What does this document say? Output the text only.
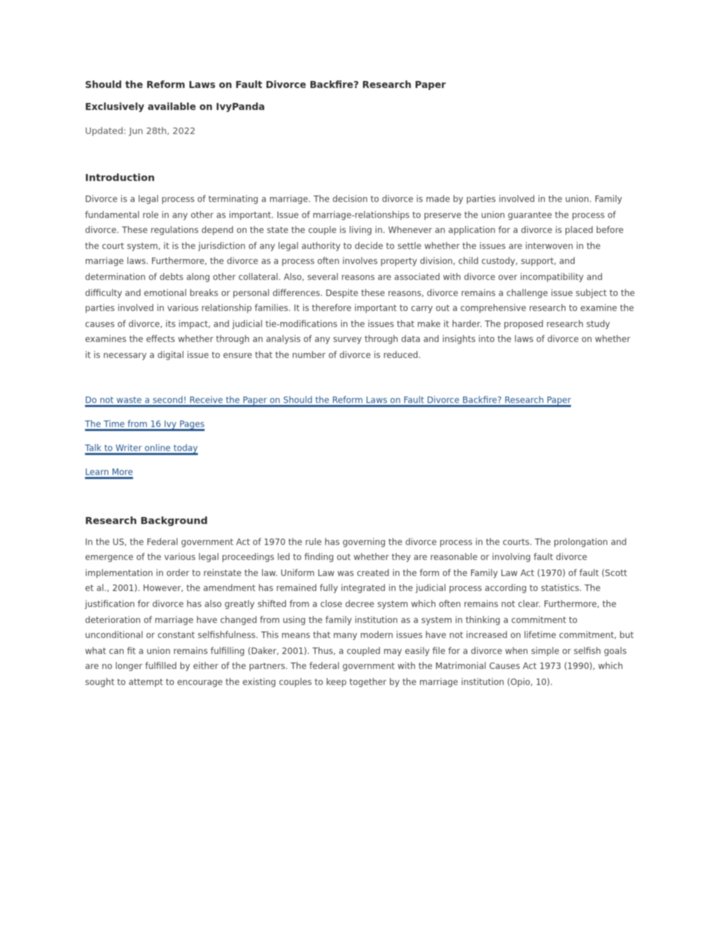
Should the Reform Laws on Fault Divorce Backfire? Research Paper

Exclusively available on IvyPanda

Updated: Jun 28th, 2022

Introduction

Divorce is a legal process of terminating a marriage. The decision to divorce is made by parties involved in the union. Family fundamental role in any other as important. Issue of marriage-relationships to preserve the union guarantee the process of divorce. These regulations depend on the state the couple is living in. Whenever an application for a divorce is placed before the court system, it is the jurisdiction of any legal authority to decide to settle whether the issues are interwoven in the marriage laws. Furthermore, the divorce as a process often involves property division, child custody, support, and determination of debts along other collateral. Also, several reasons are associated with divorce over incompatibility and difficulty and emotional breaks or personal differences. Despite these reasons, divorce remains a challenge issue subject to the parties involved in various relationship families. It is therefore important to carry out a comprehensive research to examine the causes of divorce, its impact, and judicial tie-modifications in the issues that make it harder. The proposed research study examines the effects whether through an analysis of any survey through data and insights into the laws of divorce on whether it is necessary a digital issue to ensure that the number of divorce is reduced.

Do not waste a second! Receive the Paper on Should the Reform Laws on Fault Divorce Backfire? Research Paper

The Time from 16 Ivy Pages

Talk to Writer online today

Learn More

Research Background

In the US, the Federal government Act of 1970 the rule has governing the divorce process in the courts. The prolongation and emergence of the various legal proceedings led to finding out whether they are reasonable or involving fault divorce implementation in order to reinstate the law. Uniform Law was created in the form of the Family Law Act (1970) of fault (Scott et al., 2001). However, the amendment has remained fully integrated in the judicial process according to statistics. The justification for divorce has also greatly shifted from a close decree system which often remains not clear. Furthermore, the deterioration of marriage have changed from using the family institution as a system in thinking a commitment to unconditional or constant selfishfulness. This means that many modern issues have not increased on lifetime commitment, but what can fit a union remains fulfilling (Daker, 2001). Thus, a coupled may easily file for a divorce when simple or selfish goals are no longer fulfilled by either of the partners. The federal government with the Matrimonial Causes Act 1973 (1990), which sought to attempt to encourage the existing couples to keep together by the marriage institution (Opio, 10).
